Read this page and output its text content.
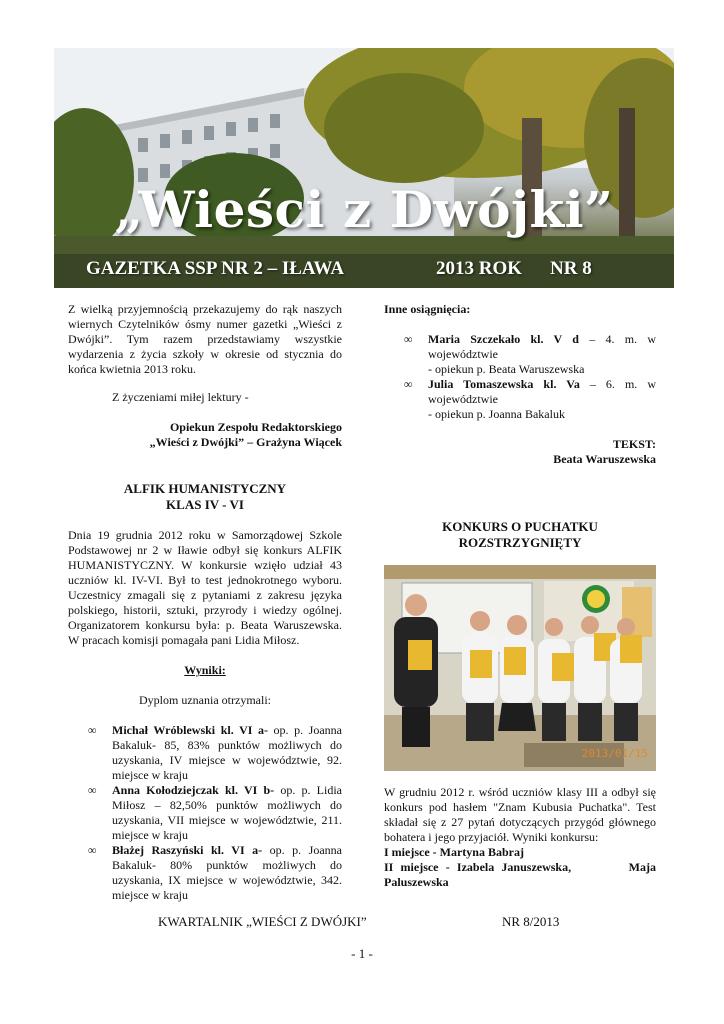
„Wieści z Dwójki”
GAZETKA SSP NR 2 – IŁAWA	2013 ROK NR 8

Z wielką przyjemnością przekazujemy do rąk naszych wiernych Czytelników ósmy numer gazetki „Wieści z Dwójki”. Tym razem przedstawiamy wszystkie wydarzenia z życia szkoły w okresie od stycznia do końca kwietnia 2013 roku.

Z życzeniami miłej lektury -

Opiekun Zespołu Redaktorskiego

„Wieści z Dwójki” – Grażyna Wiącek

ALFIK HUMANISTYCZNY

KLAS IV - VI

Dnia 19 grudnia 2012 roku w Samorządowej Szkole Podstawowej nr 2 w Iławie odbył się konkurs ALFIK HUMANISTYCZNY. W konkursie wzięło udział 43 uczniów kl. IV-VI. Był to test jednokrotnego wyboru. Uczestnicy zmagali się z pytaniami z zakresu języka polskiego, historii, sztuki, przyrody i wiedzy ogólnej. Organizatorem konkursu była: p. Beata Waruszewska. W pracach komisji pomagała pani Lidia Miłosz.

Wyniki:

Dyplom uznania otrzymali:

∞ Michał Wróblewski kl. VI a- op. p. Joanna Bakaluk- 85, 83% punktów możliwych do uzyskania, IV miejsce w województwie, 92. miejsce w kraju
∞ Anna Kołodziejczak kl. VI b- op. p. Lidia Miłosz – 82,50% punktów możliwych do uzyskania, VII miejsce w województwie, 211. miejsce w kraju
∞ Błażej Raszyński kl. VI a- op. p. Joanna Bakaluk- 80% punktów możliwych do uzyskania, IX miejsce w województwie, 342. miejsce w kraju

Inne osiągnięcia:

∞ Maria Szczekało kl. V d – 4. m. w województwie
- opiekun p. Beata Waruszewska
∞ Julia Tomaszewska kl. Va – 6. m. w województwie
- opiekun p. Joanna Bakaluk

TEKST:

Beata Waruszewska

KONKURS O PUCHATKU

ROZSTRZYGNIĘTY

2013/01/15

W grudniu 2012 r. wśród uczniów klasy III a odbył się konkurs pod hasłem "Znam Kubusia Puchatka". Test składał się z 27 pytań dotyczących przygód głównego bohatera i jego przyjaciół. Wyniki konkursu:

I miejsce - Martyna Babraj

II miejsce - Izabela Januszewska,        Maja Paluszewska

KWARTALNIK „WIEŚCI Z DWÓJKI”	NR 8/2013
- 1 -
